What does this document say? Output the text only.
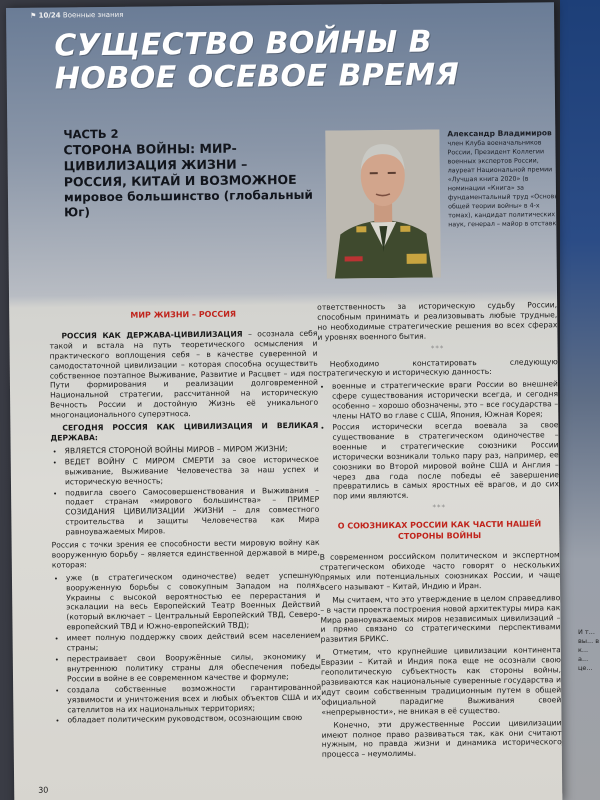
И т... вы... в к... а... це...
⚑ 10/24 Военные знания
СУЩЕСТВО ВОЙНЫ В НОВОЕ ОСЕВОЕ ВРЕМЯ
ЧАСТЬ 2
СТОРОНА ВОЙНЫ: МИР-ЦИВИЛИЗАЦИЯ ЖИЗНИ – РОССИЯ, КИТАЙ И ВОЗМОЖНОЕ
мировое большинство (глобальный Юг)
Александр Владимиров
член Клуба военачальников России, Президент Коллегии военных экспертов России, лауреат Национальной премии «Лучшая книга 2020» (в номинации «Книга» за фундаментальный труд «Основы общей теории войны» в 4-х томах), кандидат политических наук, генерал – майор в отставке
МИР ЖИЗНИ – РОССИЯ

РОССИЯ КАК ДЕРЖАВА-ЦИВИЛИЗАЦИЯ – осознала себя такой и встала на путь теоретического осмысления и практического воплощения себя – в качестве суверенной и самодостаточной цивилизации – которая способна осуществить собственное поэтапное Выживание, Развитие и Расцвет – идя по Пути формирования и реализации долговременной Национальной стратегии, рассчитанной на историческую Вечность России и достойную Жизнь её уникального многонационального суперэтноса.

СЕГОДНЯ РОССИЯ КАК ЦИВИЛИЗАЦИЯ И ВЕЛИКАЯ ДЕРЖАВА:

• ЯВЛЯЕТСЯ СТОРОНОЙ ВОЙНЫ МИРОВ – МИРОМ ЖИЗНИ;
• ВЕДЕТ ВОЙНУ С МИРОМ СМЕРТИ за свое историческое выживание, Выживание Человечества за наш успех и историческую вечность;
• подвигла своего Самосовершенствования и Выживания – подает странам «мирового большинства» – ПРИМЕР СОЗИДАНИЯ ЦИВИЛИЗАЦИИ ЖИЗНИ – для совместного строительства и защиты Человечества как Мира равноуважаемых Миров.

Россия с точки зрения ее способности вести мировую войну как вооруженную борьбу – является единственной державой в мире, которая:

• уже (в стратегическом одиночестве) ведет успешную вооруженную борьбы с совокупным Западом на полях Украины с высокой вероятностью ее перерастания и эскалации на весь Европейский Театр Военных Действий (который включает – Центральный Европейский ТВД, Северо-европейский ТВД и Южно-европейский ТВД);
• имеет полную поддержку своих действий всем населением страны;
• перестраивает свои Вооружённые силы, экономику и внутреннюю политику страны для обеспечения победы России в войне в ее современном качестве и формуле;
• создала собственные возможности гарантированной уязвимости и уничтожения всех и любых объектов США и их сателлитов на их национальных территориях;
• обладает политическим руководством, осознающим свою

ответственность за историческую судьбу России, способным принимать и реализовывать любые трудные, но необходимые стратегические решения во всех сферах и уровнях военного бытия.

***

Необходимо констатировать следующую стратегическую и историческую данность:

• военные и стратегические враги России во внешней сфере существования исторически всегда, и сегодня особенно – хорошо обозначены, это – все государства – члены НАТО во главе с США, Япония, Южная Корея;
• Россия исторически всегда воевала за свое существование в стратегическом одиночестве – военные и стратегические союзники России исторически возникали только пару раз, например, ее союзники во Второй мировой войне США и Англия – через два года после победы её завершение превратились в самых яростных её врагов, и до сих пор ими являются.
***
О СОЮЗНИКАХ РОССИИ КАК ЧАСТИ НАШЕЙ СТОРОНЫ ВОЙНЫ

В современном российском политическом и экспертном стратегическом обиходе часто говорят о нескольких прямых или потенциальных союзниках России, и чаще всего называют – Китай, Индию и Иран.

Мы считаем, что это утверждение в целом справедливо – в части проекта построения новой архитектуры мира как Мира равноуважаемых миров независимых цивилизаций – и прямо связано со стратегическими перспективами развития БРИКС.

Отметим, что крупнейшие цивилизации континента Евразии – Китай и Индия пока еще не осознали свою геополитическую субъектность как стороны войны, развиваются как национальные суверенные государства и идут своим собственным традиционным путем в общей официальной парадигме Выживания своей «непрерывности», не вникая в её существо.

Конечно, эти дружественные России цивилизации имеют полное право развиваться так, как они считают нужным, но правда жизни и динамика исторического процесса – неумолимы.

30
